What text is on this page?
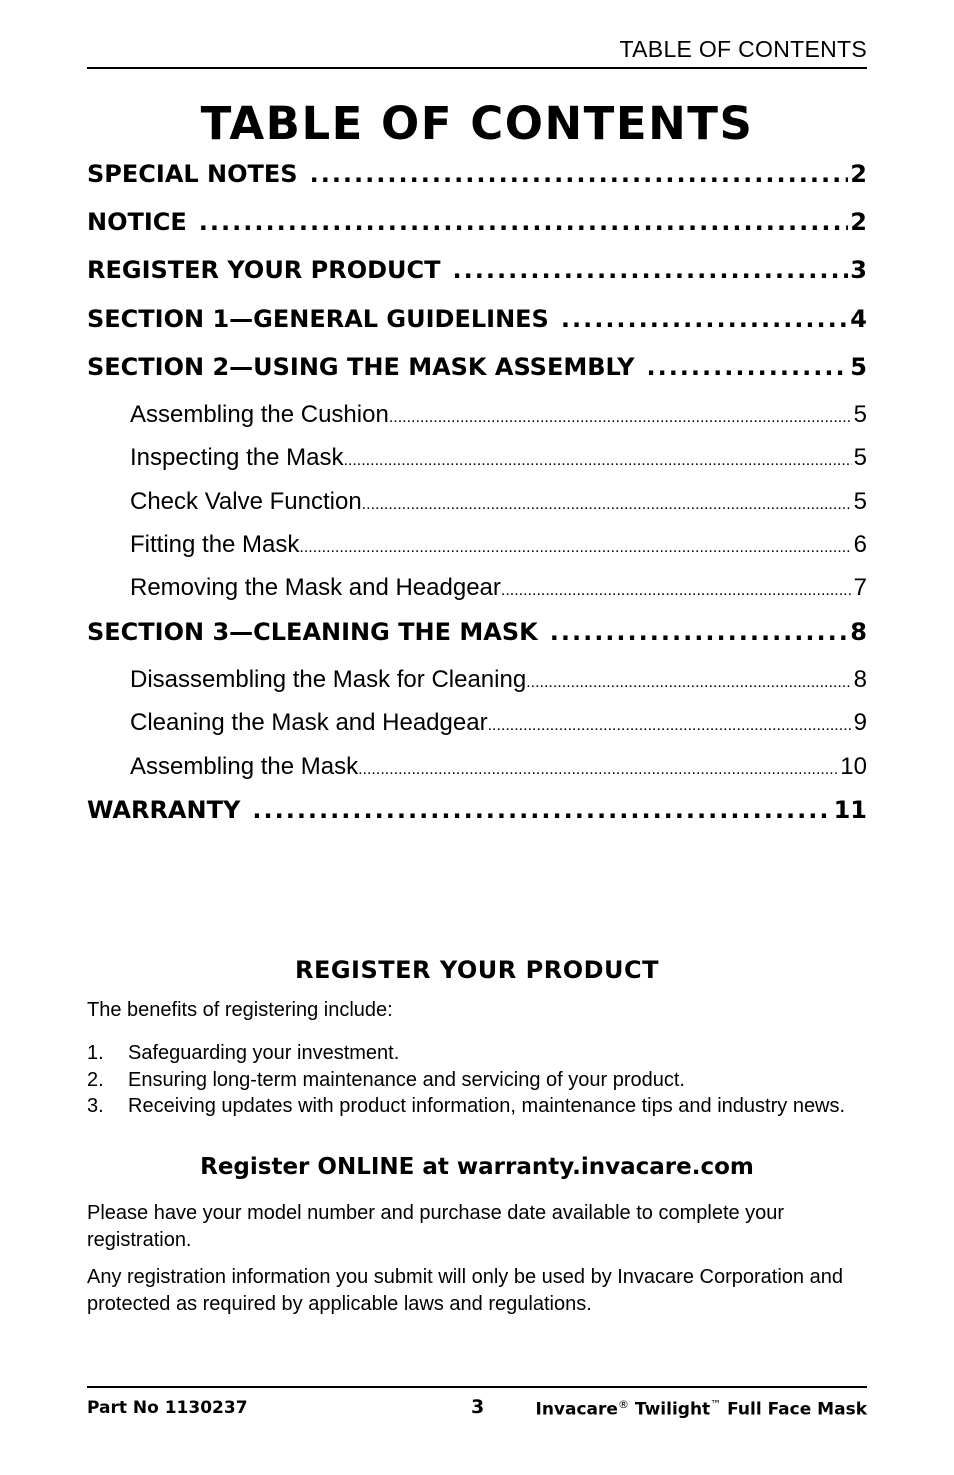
TABLE OF CONTENTS
TABLE OF CONTENTS
SPECIAL NOTES .....	2
NOTICE .....	2
REGISTER YOUR PRODUCT .....	3
SECTION 1—GENERAL GUIDELINES .....	4
SECTION 2—USING THE MASK ASSEMBLY .....	5
Assembling the Cushion .....	5
Inspecting the Mask .....	5
Check Valve Function .....	5
Fitting the Mask .....	6
Removing the Mask and Headgear .....	7
SECTION 3—CLEANING THE MASK .....	8
Disassembling the Mask for Cleaning .....	8
Cleaning the Mask and Headgear .....	9
Assembling the Mask .....	10
WARRANTY .....	11
REGISTER YOUR PRODUCT

The benefits of registering include:

1.	Safeguarding your investment.
2.	Ensuring long-term maintenance and servicing of your product.
3.	Receiving updates with product information, maintenance tips and industry news.
Register ONLINE at warranty.invacare.com

Please have your model number and purchase date available to complete your registration.

Any registration information you submit will only be used by Invacare Corporation and protected as required by applicable laws and regulations.

Part No 1130237	3	Invacare® Twilight™ Full Face Mask
